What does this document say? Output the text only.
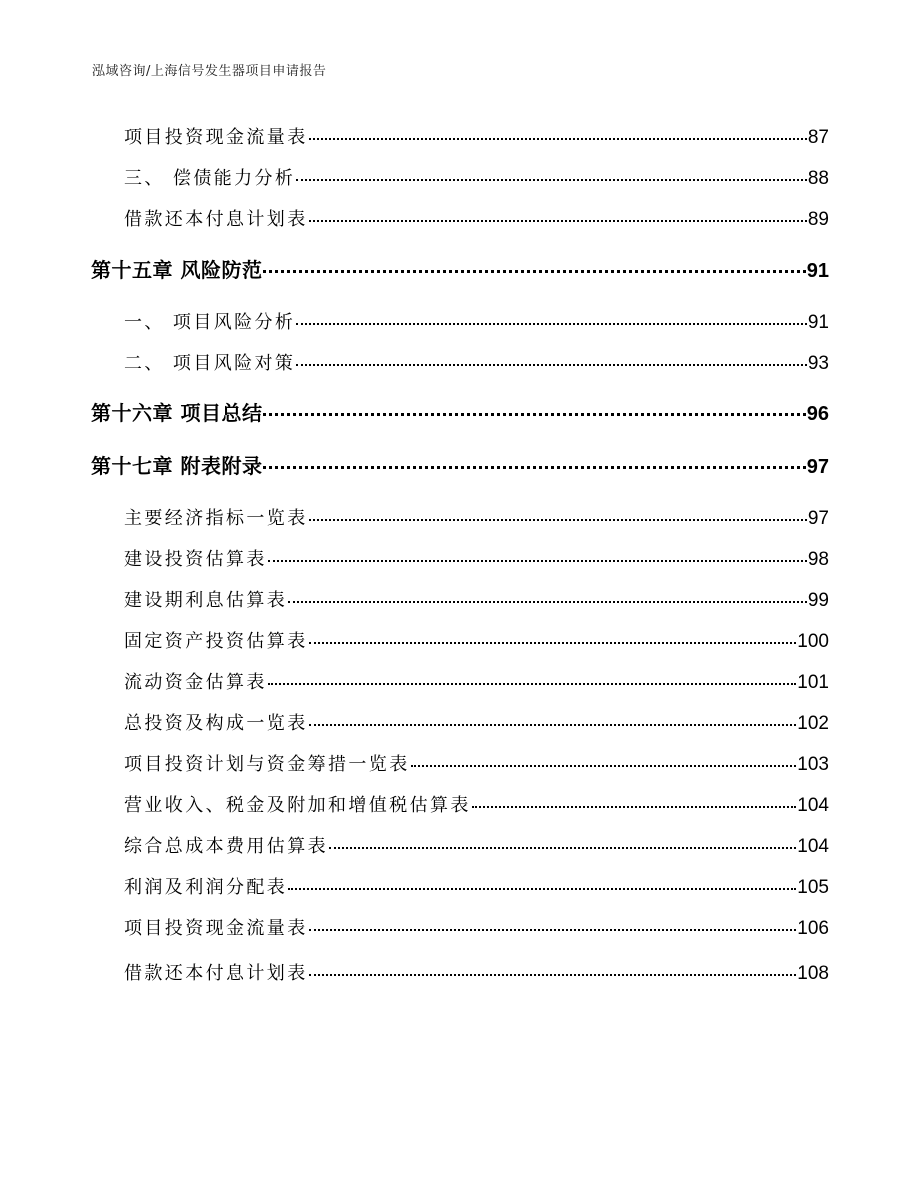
泓域咨询/上海信号发生器项目申请报告
项目投资现金流量表	87
三、 偿债能力分析	88
借款还本付息计划表	89
第十五章 风险防范	91
一、 项目风险分析	91
二、 项目风险对策	93
第十六章 项目总结	96
第十七章 附表附录	97
主要经济指标一览表	97
建设投资估算表	98
建设期利息估算表	99
固定资产投资估算表	100
流动资金估算表	101
总投资及构成一览表	102
项目投资计划与资金筹措一览表	103
营业收入、税金及附加和增值税估算表	104
综合总成本费用估算表	104
利润及利润分配表	105
项目投资现金流量表	106
借款还本付息计划表	108
